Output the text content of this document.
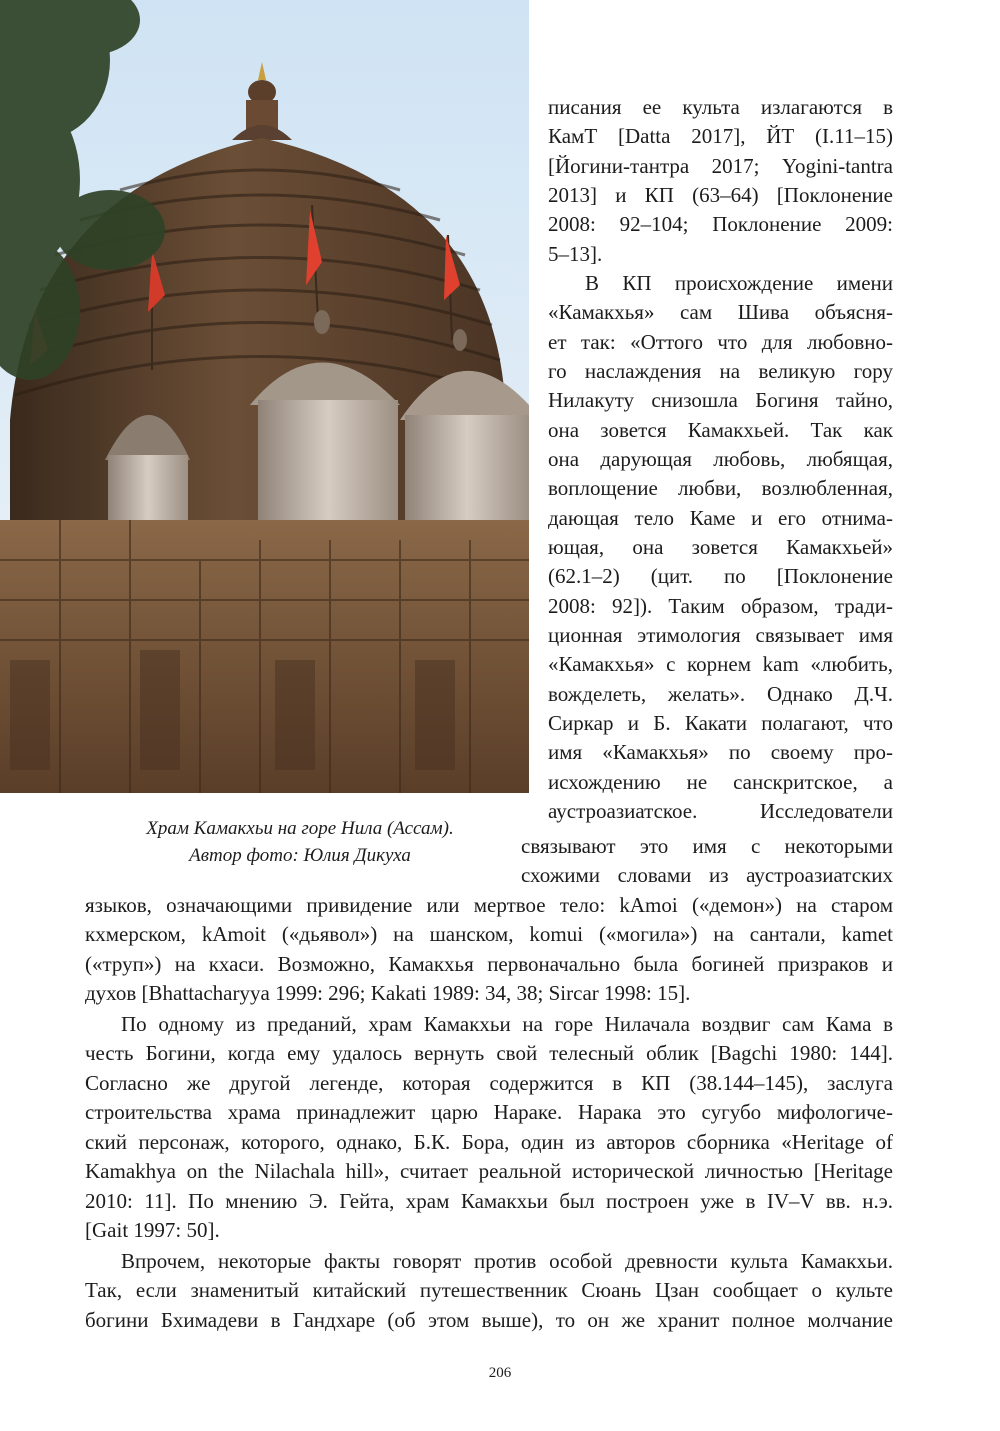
Храм Камакхьи на горе Нила (Ассам).
Автор фото: Юлия Дикуха
писания ее культа излагаются в
КамТ [Datta 2017], ЙТ (I.11–15)
[Йогини-тантра 2017; Yogini-tantra
2013] и КП (63–64) [Поклонение
2008: 92–104; Поклонение 2009:
5–13].
В КП происхождение имени
«Камакхья» сам Шива объясня-
ет так: «Оттого что для любовно-
го наслаждения на великую гору
Нилакуту снизошла Богиня тайно,
она зовется Камакхьей. Так как
она дарующая любовь, любящая,
воплощение любви, возлюбленная,
дающая тело Каме и его отнима-
ющая, она зовется Камакхьей»
(62.1–2) (цит. по [Поклонение
2008: 92]). Таким образом, тради-
ционная этимология связывает имя
«Камакхья» с корнем kam «любить,
вожделеть, желать». Однако Д.Ч.
Сиркар и Б. Какати полагают, что
имя «Камакхья» по своему про-
исхождению не санскритское, а
аустроазиатское. Исследователи
связывают это имя с некоторыми
схожими словами из аустроазиатских
языков, означающими привидение или мертвое тело: kAmoi («демон») на старом
кхмерском, kAmoit («дьявол») на шанском, komui («могила») на сантали, kamet
(«труп») на кхаси. Возможно, Камакхья первоначально была богиней призраков и
духов [Bhattacharyya 1999: 296; Kakati 1989: 34, 38; Sircar 1998: 15].
По одному из преданий, храм Камакхьи на горе Нилачала воздвиг сам Кама в
честь Богини, когда ему удалось вернуть свой телесный облик [Bagchi 1980: 144].
Согласно же другой легенде, которая содержится в КП (38.144–145), заслуга
строительства храма принадлежит царю Нараке. Нарака это сугубо мифологиче-
ский персонаж, которого, однако, Б.К. Бора, один из авторов сборника «Heritage of
Kamakhya on the Nilachala hill», считает реальной исторической личностью [Heritage
2010: 11]. По мнению Э. Гейта, храм Камакхьи был построен уже в IV–V вв. н.э.
[Gait 1997: 50].
Впрочем, некоторые факты говорят против особой древности культа Камакхьи.
Так, если знаменитый китайский путешественник Сюань Цзан сообщает о культе
богини Бхимадеви в Гандхаре (об этом выше), то он же хранит полное молчание
206
